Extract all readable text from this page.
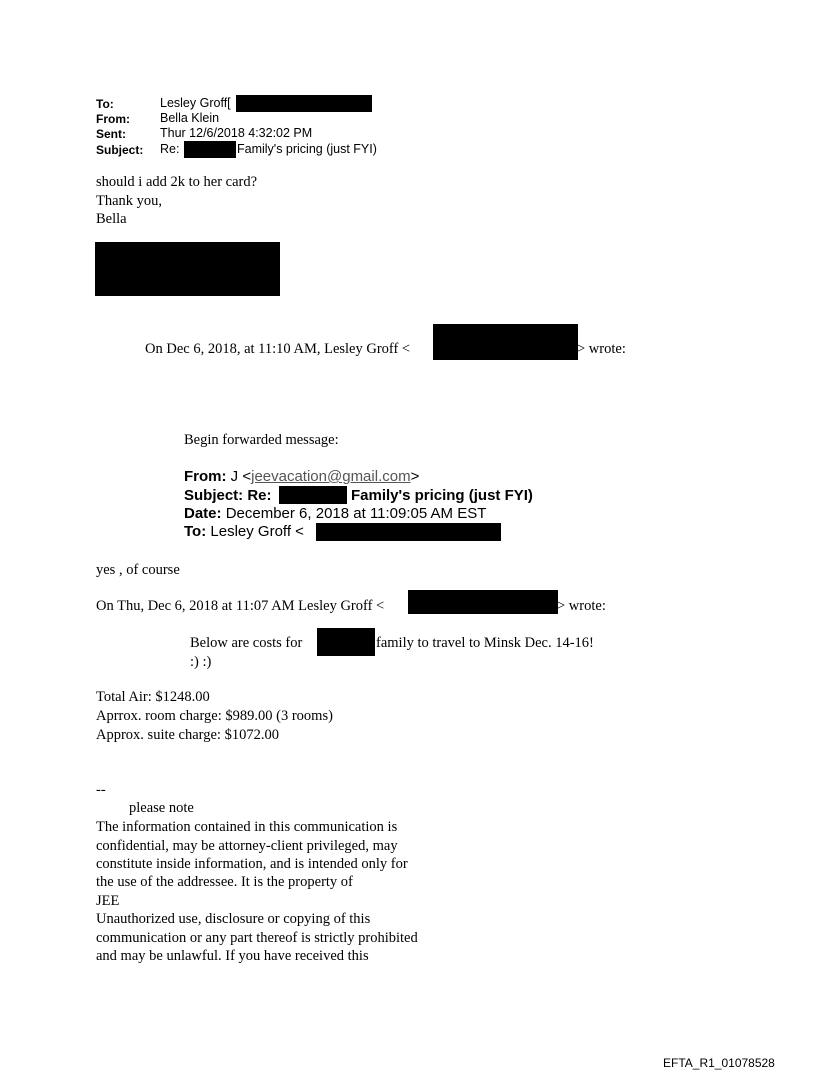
To:	Lesley Groff[
From: Bella Klein
Sent:	Thur 12/6/2018 4:32:02 PM
Subject: Re:	Family's pricing (just FYI)
should i add 2k to her card?
Thank you,
Bella
On Dec 6, 2018, at 11:10 AM, Lesley Groff <	> wrote:
Begin forwarded message:
From: J <jeevacation@gmail.com>
Subject: Re:	Family's pricing (just FYI)
Date: December 6, 2018 at 11:09:05 AM EST
To: Lesley Groff <
yes , of course
On Thu, Dec 6, 2018 at 11:07 AM Lesley Groff <	> wrote:
Below are costs for	family to travel to Minsk Dec. 14-16!
:) :)
Total Air: $1248.00
Aprrox. room charge: $989.00 (3 rooms)
Approx. suite charge: $1072.00
--
please note
The information contained in this communication is
confidential, may be attorney-client privileged, may
constitute inside information, and is intended only for
the use of the addressee. It is the property of
JEE
Unauthorized use, disclosure or copying of this
communication or any part thereof is strictly prohibited
and may be unlawful. If you have received this
EFTA_R1_01078528
